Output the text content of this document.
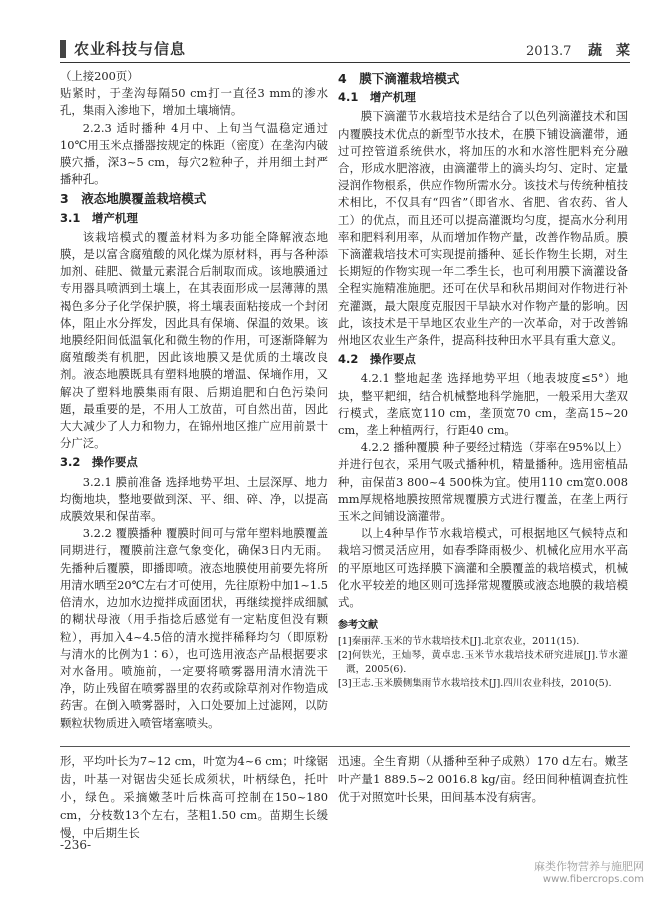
农业科技与信息	2013.7 蔬　菜

（上接200页）

贴紧时，于垄沟每隔50 cm打一直径3 mm的渗水孔，集雨入渗地下，增加土壤墒情。

2.2.3 适时播种 4月中、上旬当气温稳定通过10℃用玉米点播器按规定的株距（密度）在垄沟内破膜穴播，深3~5 cm，每穴2粒种子，并用细土封严播种孔。

3　液态地膜覆盖栽培模式
3.1　增产机理

该栽培模式的覆盖材料为多功能全降解液态地膜，是以富含腐殖酸的风化煤为原材料，再与各种添加剂、硅肥、微量元素混合后制取而成。该地膜通过专用器具喷洒到土壤上，在其表面形成一层薄薄的黑褐色多分子化学保护膜，将土壤表面粘接成一个封闭体，阻止水分挥发，因此具有保墒、保温的效果。该地膜经阳间低温氧化和微生物的作用，可逐渐降解为腐殖酸类有机肥，因此该地膜又是优质的土壤改良剂。液态地膜既具有塑料地膜的增温、保墒作用，又解决了塑料地膜集雨有限、后期追肥和白色污染问题，最重要的是，不用人工放苗，可自然出苗，因此大大减少了人力和物力，在锦州地区推广应用前景十分广泛。

3.2　操作要点

3.2.1 膜前准备 选择地势平坦、土层深厚、地力均衡地块，整地要做到深、平、细、碎、净，以提高成膜效果和保苗率。

3.2.2 覆膜播种 覆膜时间可与常年塑料地膜覆盖同期进行，覆膜前注意气象变化，确保3日内无雨。先播种后覆膜，即播即喷。液态地膜使用前要先将所用清水晒至20℃左右才可使用，先往原粉中加1~1.5倍清水，边加水边搅拌成面团状，再继续搅拌成细腻的糊状母液（用手指捻后感觉有一定粘度但没有颗粒），再加入4~4.5倍的清水搅拌稀释均匀（即原粉与清水的比例为1∶6），也可选用液态产品根据要求对水备用。喷施前，一定要将喷雾器用清水清洗干净，防止残留在喷雾器里的农药或除草剂对作物造成药害。在倒入喷雾器时，入口处要加上过滤网，以防颗粒状物质进入喷管堵塞喷头。

4　膜下滴灌栽培模式
4.1　增产机理

膜下滴灌节水栽培技术是结合了以色列滴灌技术和国内覆膜技术优点的新型节水技术，在膜下铺设滴灌带，通过可控管道系统供水，将加压的水和水溶性肥料充分融合，形成水肥溶液，由滴灌带上的滴头均匀、定时、定量浸润作物根系，供应作物所需水分。该技术与传统种植技术相比，不仅具有“四省”（即省水、省肥、省农药、省人工）的优点，而且还可以提高灌溉均匀度，提高水分利用率和肥料利用率，从而增加作物产量，改善作物品质。膜下滴灌栽培技术可实现提前播种、延长作物生长期，对生长期短的作物实现一年二季生长，也可利用膜下滴灌设备全程实施精准施肥。还可在伏旱和秋吊期间对作物进行补充灌溉，最大限度克服因干旱缺水对作物产量的影响。因此，该技术是干旱地区农业生产的一次革命，对于改善锦州地区农业生产条件，提高科技种田水平具有重大意义。

4.2　操作要点

4.2.1 整地起垄 选择地势平坦（地表坡度≤5°）地块，整平耙细，结合机械整地科学施肥，一般采用大垄双行模式，垄底宽110 cm，垄顶宽70 cm，垄高15~20 cm，垄上种植两行，行距40 cm。

4.2.2 播种覆膜 种子要经过精选（芽率在95%以上）并进行包衣，采用气吸式播种机，精量播种。选用密植品种，亩保苗3 800~4 500株为宜。使用110 cm宽0.008 mm厚规格地膜按照常规覆膜方式进行覆盖，在垄上两行玉米之间铺设滴灌带。

以上4种旱作节水栽培模式，可根据地区气候特点和栽培习惯灵活应用，如春季降雨极少、机械化应用水平高的平原地区可选择膜下滴灌和全膜覆盖的栽培模式，机械化水平较差的地区则可选择常规覆膜或液态地膜的栽培模式。

参考文献
[1]秦丽萍.玉米的节水栽培技术[J].北京农业，2011(15).
[2]何铁光，王灿琴，黄卓忠.玉米节水栽培技术研究进展[J].节水灌溉，2005(6).
[3]王志.玉米膜侧集雨节水栽培技术[J].四川农业科技，2010(5).
形，平均叶长为7~12 cm，叶宽为4~6 cm；叶缘锯齿，叶基一对锯齿尖延长成须状，叶柄绿色，托叶小，绿色。采摘嫩茎叶后株高可控制在150~180 cm，分枝数13个左右，茎粗1.50 cm。苗期生长缓慢，中后期生长
迅速。全生育期（从播种至种子成熟）170 d左右。嫩茎叶产量1 889.5~2 0016.8 kg/亩。经田间种植调查抗性优于对照宽叶长果，田间基本没有病害。
-236-
麻类作物营养与施肥网
www.fibercrops.com
